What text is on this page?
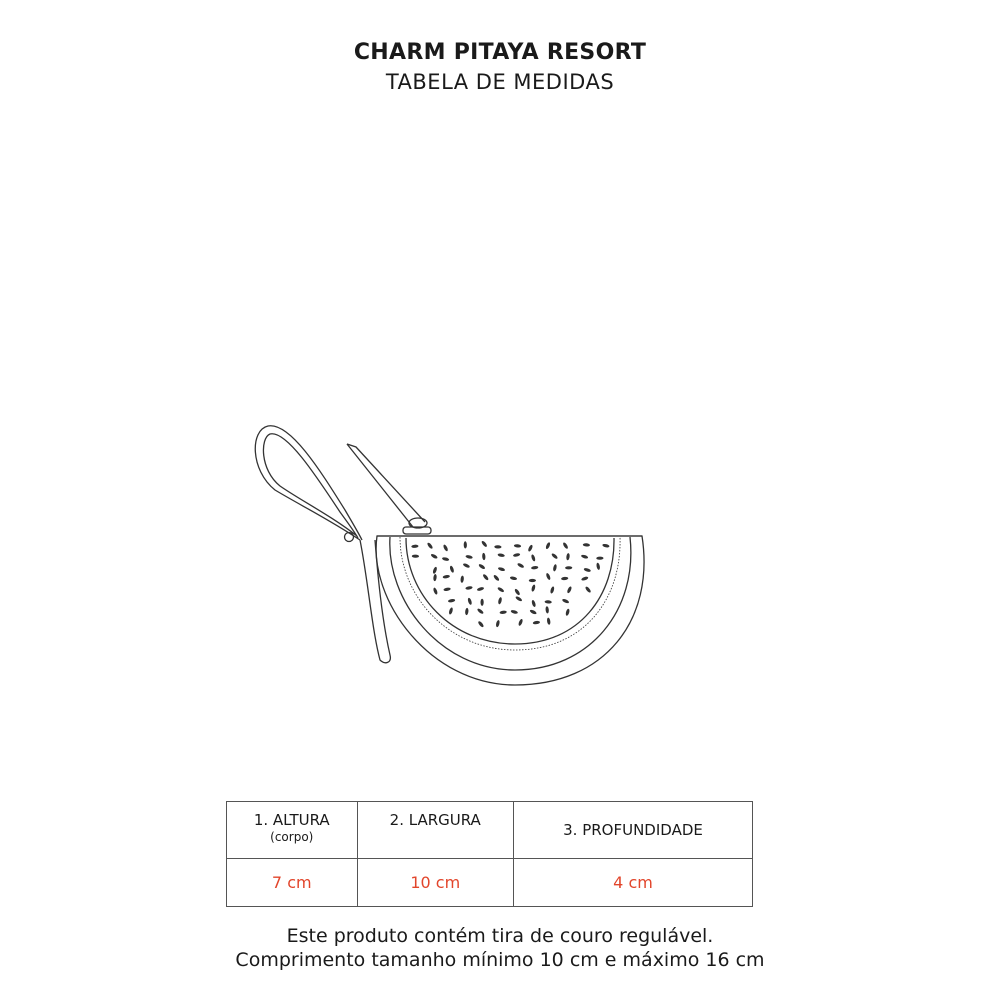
CHARM PITAYA RESORT
TABELA DE MEDIDAS
1. ALTURA
(corpo)	2. LARGURA	3. PROFUNDIDADE
7 cm	10 cm	4 cm
Este produto contém tira de couro regulável.
Comprimento tamanho mínimo 10 cm e máximo 16 cm
